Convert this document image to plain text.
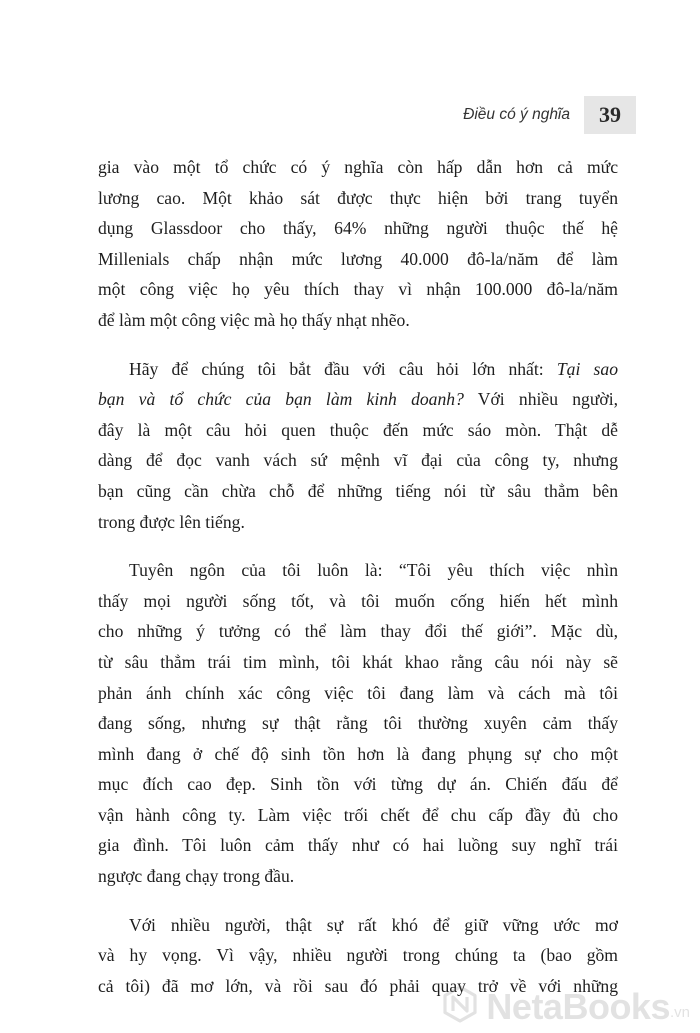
Điều có ý nghĩa	39

gia vào một tổ chức có ý nghĩa còn hấp dẫn hơn cả mức
lương cao. Một khảo sát được thực hiện bởi trang tuyển
dụng Glassdoor cho thấy, 64% những người thuộc thế hệ
Millenials chấp nhận mức lương 40.000 đô-la/năm để làm
một công việc họ yêu thích thay vì nhận 100.000 đô-la/năm
để làm một công việc mà họ thấy nhạt nhẽo.

Hãy để chúng tôi bắt đầu với câu hỏi lớn nhất: Tại sao
bạn và tổ chức của bạn làm kinh doanh? Với nhiều người,
đây là một câu hỏi quen thuộc đến mức sáo mòn. Thật dễ
dàng để đọc vanh vách sứ mệnh vĩ đại của công ty, nhưng
bạn cũng cần chừa chỗ để những tiếng nói từ sâu thẳm bên
trong được lên tiếng.

Tuyên ngôn của tôi luôn là: “Tôi yêu thích việc nhìn
thấy mọi người sống tốt, và tôi muốn cống hiến hết mình
cho những ý tưởng có thể làm thay đổi thế giới”. Mặc dù,
từ sâu thẳm trái tim mình, tôi khát khao rằng câu nói này sẽ
phản ánh chính xác công việc tôi đang làm và cách mà tôi
đang sống, nhưng sự thật rằng tôi thường xuyên cảm thấy
mình đang ở chế độ sinh tồn hơn là đang phụng sự cho một
mục đích cao đẹp. Sinh tồn với từng dự án. Chiến đấu để
vận hành công ty. Làm việc trối chết để chu cấp đầy đủ cho
gia đình. Tôi luôn cảm thấy như có hai luồng suy nghĩ trái
ngược đang chạy trong đầu.

Với nhiều người, thật sự rất khó để giữ vững ước mơ
và hy vọng. Vì vậy, nhiều người trong chúng ta (bao gồm
cả tôi) đã mơ lớn, và rồi sau đó phải quay trở về với những

NetaBooks .vn
